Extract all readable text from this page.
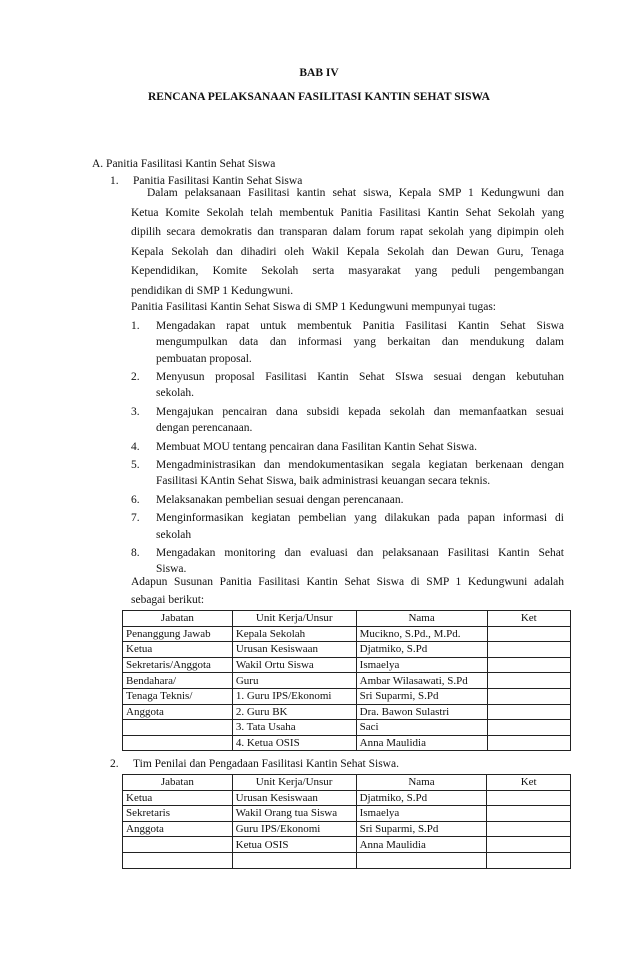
BAB IV
RENCANA PELAKSANAAN FASILITASI KANTIN SEHAT SISWA
A. Panitia Fasilitasi Kantin Sehat Siswa
1. Panitia Fasilitasi Kantin Sehat Siswa
Dalam pelaksanaan Fasilitasi kantin sehat siswa, Kepala SMP 1 Kedungwuni dan
Ketua Komite Sekolah telah membentuk Panitia Fasilitasi Kantin Sehat Sekolah yang
dipilih secara demokratis dan transparan dalam forum rapat sekolah yang dipimpin oleh
Kepala Sekolah dan dihadiri oleh Wakil Kepala Sekolah dan Dewan Guru, Tenaga
Kependidikan, Komite Sekolah serta masyarakat yang peduli pengembangan
pendidikan di SMP 1 Kedungwuni.
Panitia Fasilitasi Kantin Sehat Siswa di SMP 1 Kedungwuni mempunyai tugas:
1. Mengadakan rapat untuk membentuk Panitia Fasilitasi Kantin Sehat Siswa
mengumpulkan data dan informasi yang berkaitan dan mendukung dalam
pembuatan proposal.
2. Menyusun proposal Fasilitasi Kantin Sehat SIswa sesuai dengan kebutuhan
sekolah.
3. Mengajukan pencairan dana subsidi kepada sekolah dan memanfaatkan sesuai
dengan perencanaan.
4. Membuat MOU tentang pencairan dana Fasilitan Kantin Sehat Siswa.
5. Mengadministrasikan dan mendokumentasikan segala kegiatan berkenaan dengan
Fasilitasi KAntin Sehat Siswa, baik administrasi keuangan secara teknis.
6. Melaksanakan pembelian sesuai dengan perencanaan.
7. Menginformasikan kegiatan pembelian yang dilakukan pada papan informasi di
sekolah
8. Mengadakan monitoring dan evaluasi dan pelaksanaan Fasilitasi Kantin Sehat
Siswa.
Adapun Susunan Panitia Fasilitasi Kantin Sehat Siswa di SMP 1 Kedungwuni adalah
sebagai berikut:
Jabatan	Unit Kerja/Unsur	Nama	Ket
Penanggung Jawab	Kepala Sekolah	Mucikno, S.Pd., M.Pd.	
Ketua	Urusan Kesiswaan	Djatmiko, S.Pd	
Sekretaris/Anggota	Wakil Ortu Siswa	Ismaelya	
Bendahara/	Guru	Ambar Wilasawati, S.Pd	
Tenaga Teknis/	1. Guru IPS/Ekonomi	Sri Suparmi, S.Pd	
Anggota	2. Guru BK	Dra. Bawon Sulastri	
	3. Tata Usaha	Saci	
	4. Ketua OSIS	Anna Maulidia	
2. Tim Penilai dan Pengadaan Fasilitasi Kantin Sehat Siswa.
Jabatan	Unit Kerja/Unsur	Nama	Ket
Ketua	Urusan Kesiswaan	Djatmiko, S.Pd	
Sekretaris	Wakil Orang tua Siswa	Ismaelya	
Anggota	Guru IPS/Ekonomi	Sri Suparmi, S.Pd	
	Ketua OSIS	Anna Maulidia	
